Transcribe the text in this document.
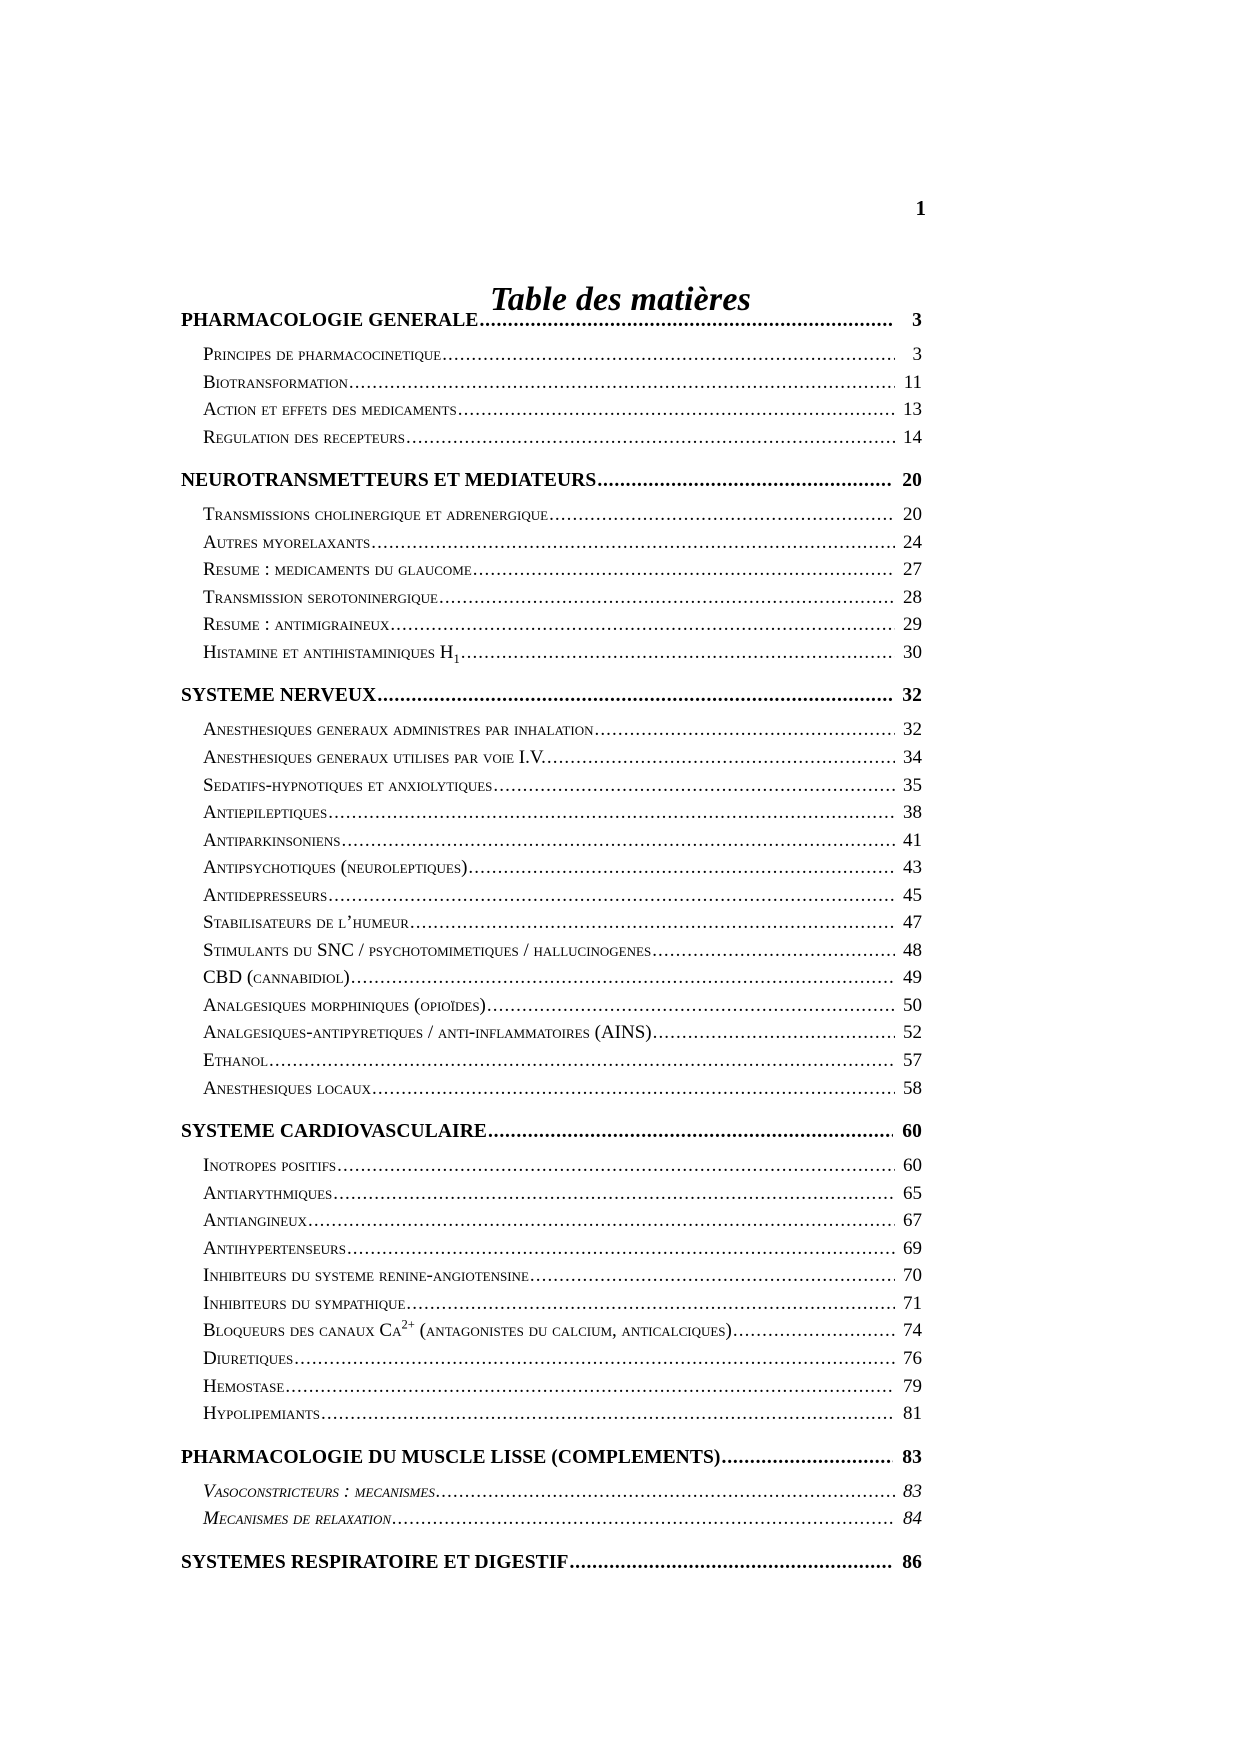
1
Table des matières
PHARMACOLOGIE GENERALE .....	3
Principes de pharmacocinetique .....	3
Biotransformation .....	11
Action et effets des medicaments .....	13
Regulation des recepteurs .....	14
NEUROTRANSMETTEURS ET MEDIATEURS .....	20
Transmissions cholinergique et adrenergique .....	20
Autres myorelaxants .....	24
Resume : medicaments du glaucome .....	27
Transmission serotoninergique .....	28
Resume : antimigraineux .....	29
Histamine et antihistaminiques $H_1$ .....	30
SYSTEME NERVEUX .....	32
Anesthesiques generaux administres par inhalation .....	32
Anesthesiques generaux utilises par voie I.V. .....	34
Sedatifs-hypnotiques et anxiolytiques .....	35
Antiepileptiques .....	38
Antiparkinsoniens .....	41
Antipsychotiques (neuroleptiques) .....	43
Antidepresseurs .....	45
Stabilisateurs de l’humeur .....	47
Stimulants du SNC / psychotomimetiques / hallucinogenes .....	48
CBD (cannabidiol) .....	49
Analgesiques morphiniques (opioïdes) .....	50
Analgesiques-antipyretiques / anti-inflammatoires (AINS) .....	52
Ethanol .....	57
Anesthesiques locaux .....	58
SYSTEME CARDIOVASCULAIRE .....	60
Inotropes positifs .....	60
Antiarythmiques .....	65
Antiangineux .....	67
Antihypertenseurs .....	69
Inhibiteurs du systeme renine-angiotensine .....	70
Inhibiteurs du sympathique .....	71
Bloqueurs des canaux $Ca^{2+}$ (antagonistes du calcium, anticalciques) .....	74
Diuretiques .....	76
Hemostase .....	79
Hypolipemiants .....	81
PHARMACOLOGIE DU MUSCLE LISSE (COMPLEMENTS) .....	83
Vasoconstricteurs : mecanismes .....	83
Mecanismes de relaxation .....	84
SYSTEMES RESPIRATOIRE ET DIGESTIF .....	86
